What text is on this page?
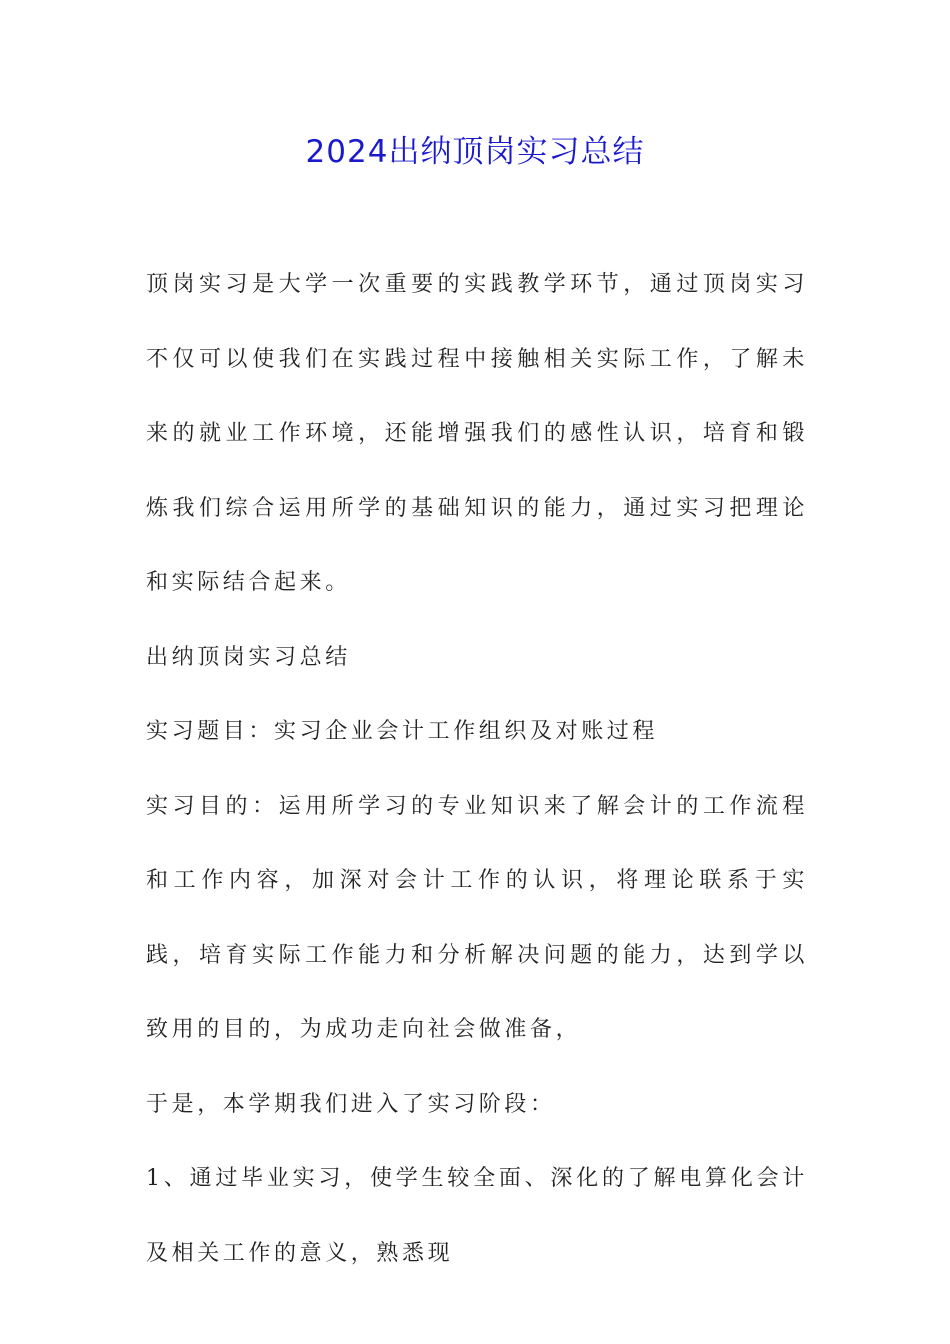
2024出纳顶岗实习总结

顶岗实习是大学一次重要的实践教学环节，通过顶岗实习不仅可以使我们在实践过程中接触相关实际工作，了解未来的就业工作环境，还能增强我们的感性认识，培育和锻炼我们综合运用所学的基础知识的能力，通过实习把理论和实际结合起来。

出纳顶岗实习总结

实习题目：实习企业会计工作组织及对账过程

实习目的：运用所学习的专业知识来了解会计的工作流程和工作内容，加深对会计工作的认识，将理论联系于实践，培育实际工作能力和分析解决问题的能力，达到学以致用的目的，为成功走向社会做准备，

于是，本学期我们进入了实习阶段：

1、通过毕业实习，使学生较全面、深化的了解电算化会计及相关工作的意义，熟悉现
